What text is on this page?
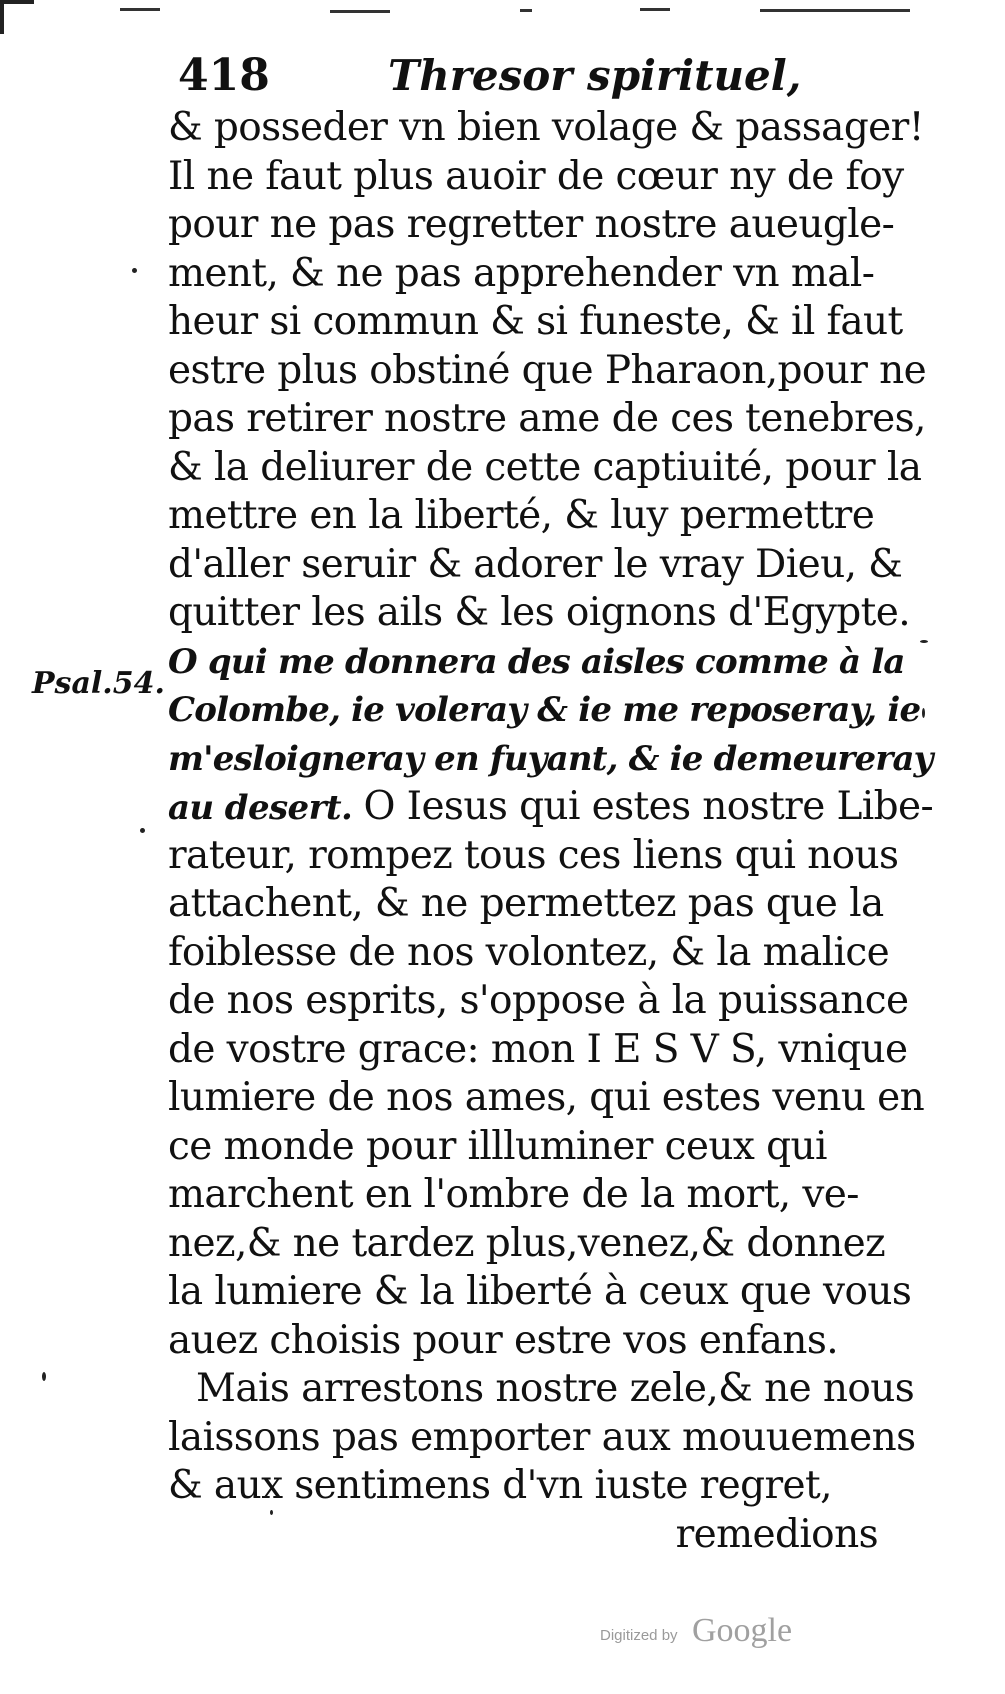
418	Thresor spirituel,
Psal.54.
& posseder vn bien volage & passager!
Il ne faut plus auoir de cœur ny de foy
pour ne pas regretter nostre aueugle-
ment, & ne pas apprehender vn mal-
heur si commun & si funeste, & il faut
estre plus obstiné que Pharaon,pour ne
pas retirer nostre ame de ces tenebres,
& la deliurer de cette captiuité, pour la
mettre en la liberté, & luy permettre
d'aller seruir & adorer le vray Dieu, &
quitter les ails & les oignons d'Egypte.
O qui me donnera des aisles comme à la
Colombe, ie voleray & ie me reposeray, ie
m'esloigneray en fuyant, & ie demeureray
au desert. O Iesus qui estes nostre Libe-
rateur, rompez tous ces liens qui nous
attachent, & ne permettez pas que la
foiblesse de nos volontez, & la malice
de nos esprits, s'oppose à la puissance
de vostre grace: mon I E S V S, vnique
lumiere de nos ames, qui estes venu en
ce monde pour illluminer ceux qui
marchent en l'ombre de la mort, ve-
nez,& ne tardez plus,venez,& donnez
la lumiere & la liberté à ceux que vous
auez choisis pour estre vos enfans.
Mais arrestons nostre zele,& ne nous
laissons pas emporter aux mouuemens
& aux sentimens d'vn iuste regret,
remedions
Digitized by Google
